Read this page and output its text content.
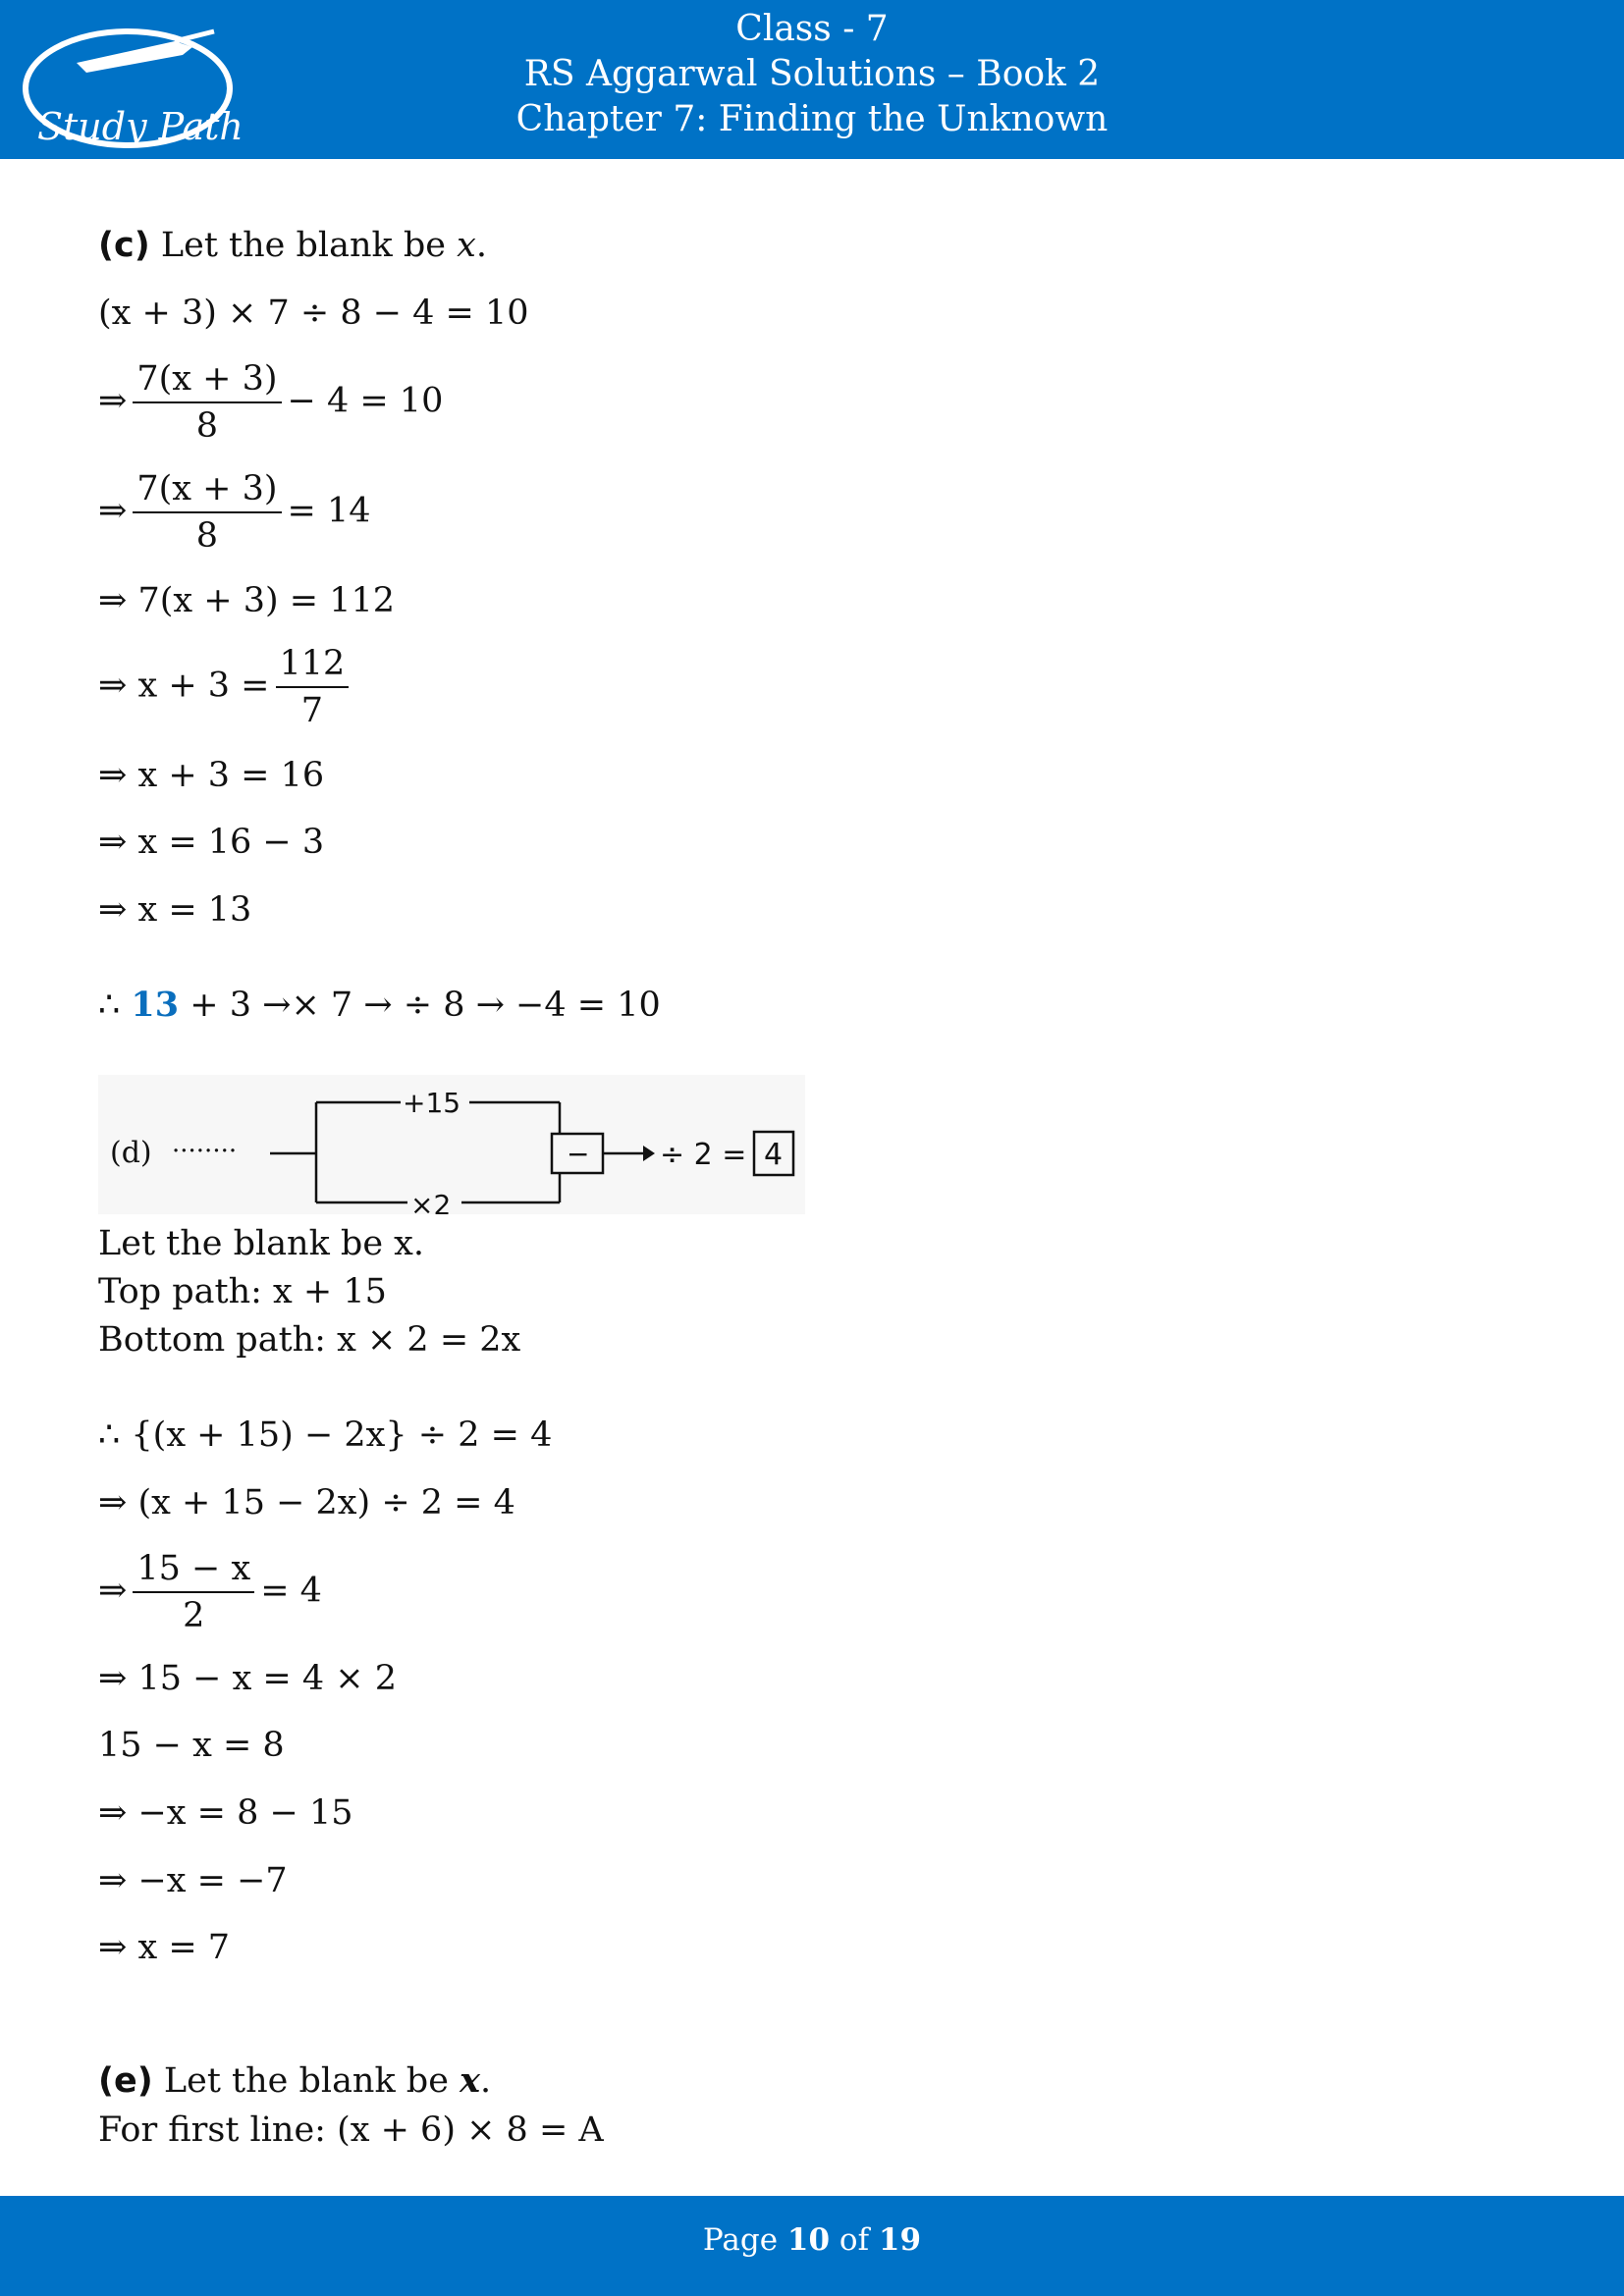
Study Path
Class - 7
RS Aggarwal Solutions – Book 2
Chapter 7: Finding the Unknown
(c) Let the blank be x.
(x + 3) × 7 ÷ 8 − 4 = 10
⇒ $\frac{7(x + 3)}{8} - 4 = 10$
⇒ $\frac{7(x + 3)}{8} = 14$
⇒ 7(x + 3) = 112
⇒ $x + 3 = \frac{112}{7}$
⇒ x + 3 = 16
⇒ x = 16 − 3
⇒ x = 13
∴ 13 + 3 →× 7 → ÷ 8 → −4 = 10
(d) ········
+15
×2
− ÷ 2 = 4
Let the blank be x.
Top path: x + 15
Bottom path: x × 2 = 2x
∴ {(x + 15) − 2x} ÷ 2 = 4
⇒ (x + 15 − 2x) ÷ 2 = 4
⇒ $\frac{15 - x}{2} = 4$
⇒ 15 − x = 4 × 2
15 − x = 8
⇒ −x = 8 − 15
⇒ −x = −7
⇒ x = 7
(e) Let the blank be x.
For first line: (x + 6) × 8 = A
Page 10 of 19
